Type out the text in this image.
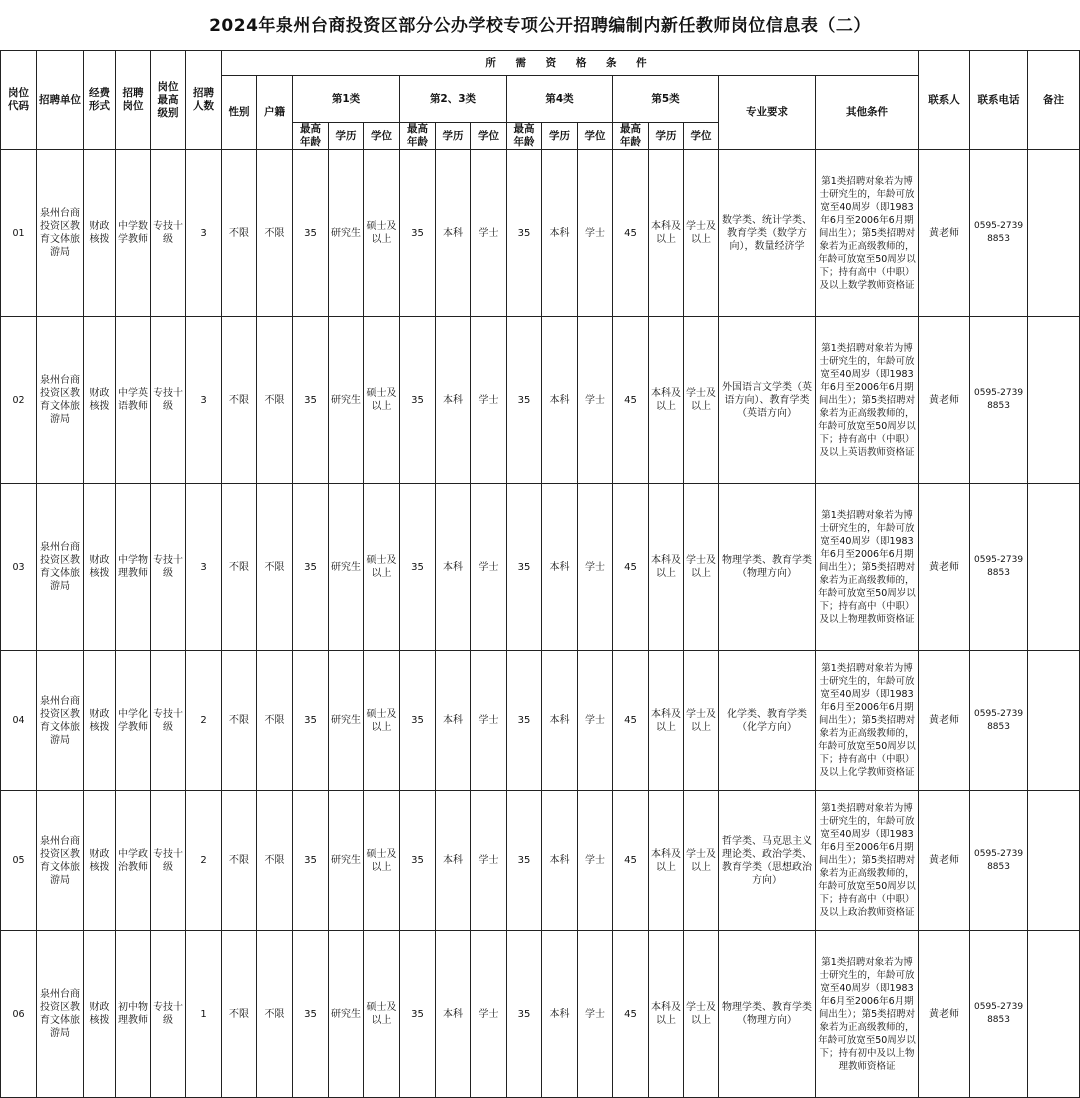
2024年泉州台商投资区部分公办学校专项公开招聘编制内新任教师岗位信息表（二）
岗位代码	招聘单位	经费形式	招聘岗位	岗位最高级别	招聘人数	所 需 资 格 条 件																联系人	联系电话	备注
						性别	户籍	第1类			第2、3类			第4类			第5类			专业要求	其他条件			
								最高年龄	学历	学位	最高年龄	学历	学位	最高年龄	学历	学位	最高年龄	学历	学位					
01	泉州台商投资区教育文体旅游局	财政核拨	中学数学教师	专技十级	3	不限	不限	35	研究生	硕士及以上	35	本科	学士	35	本科	学士	45	本科及以上	学士及以上	数学类、统计学类、教育学类（数学方向），数量经济学	第1类招聘对象若为博士研究生的，年龄可放宽至40周岁（即1983年6月至2006年6月期间出生）；第5类招聘对象若为正高级教师的，年龄可放宽至50周岁以下；持有高中（中职）及以上数学教师资格证	黄老师	0595-27398853	
02	泉州台商投资区教育文体旅游局	财政核拨	中学英语教师	专技十级	3	不限	不限	35	研究生	硕士及以上	35	本科	学士	35	本科	学士	45	本科及以上	学士及以上	外国语言文学类（英语方向）、教育学类（英语方向）	第1类招聘对象若为博士研究生的，年龄可放宽至40周岁（即1983年6月至2006年6月期间出生）；第5类招聘对象若为正高级教师的，年龄可放宽至50周岁以下；持有高中（中职）及以上英语教师资格证	黄老师	0595-27398853	
03	泉州台商投资区教育文体旅游局	财政核拨	中学物理教师	专技十级	3	不限	不限	35	研究生	硕士及以上	35	本科	学士	35	本科	学士	45	本科及以上	学士及以上	物理学类、教育学类（物理方向）	第1类招聘对象若为博士研究生的，年龄可放宽至40周岁（即1983年6月至2006年6月期间出生）；第5类招聘对象若为正高级教师的，年龄可放宽至50周岁以下；持有高中（中职）及以上物理教师资格证	黄老师	0595-27398853	
04	泉州台商投资区教育文体旅游局	财政核拨	中学化学教师	专技十级	2	不限	不限	35	研究生	硕士及以上	35	本科	学士	35	本科	学士	45	本科及以上	学士及以上	化学类、教育学类（化学方向）	第1类招聘对象若为博士研究生的，年龄可放宽至40周岁（即1983年6月至2006年6月期间出生）；第5类招聘对象若为正高级教师的，年龄可放宽至50周岁以下；持有高中（中职）及以上化学教师资格证	黄老师	0595-27398853	
05	泉州台商投资区教育文体旅游局	财政核拨	中学政治教师	专技十级	2	不限	不限	35	研究生	硕士及以上	35	本科	学士	35	本科	学士	45	本科及以上	学士及以上	哲学类、马克思主义理论类、政治学类、教育学类（思想政治方向）	第1类招聘对象若为博士研究生的，年龄可放宽至40周岁（即1983年6月至2006年6月期间出生）；第5类招聘对象若为正高级教师的，年龄可放宽至50周岁以下；持有高中（中职）及以上政治教师资格证	黄老师	0595-27398853	
06	泉州台商投资区教育文体旅游局	财政核拨	初中物理教师	专技十级	1	不限	不限	35	研究生	硕士及以上	35	本科	学士	35	本科	学士	45	本科及以上	学士及以上	物理学类、教育学类（物理方向）	第1类招聘对象若为博士研究生的，年龄可放宽至40周岁（即1983年6月至2006年6月期间出生）；第5类招聘对象若为正高级教师的，年龄可放宽至50周岁以下；持有初中及以上物理教师资格证	黄老师	0595-27398853	
